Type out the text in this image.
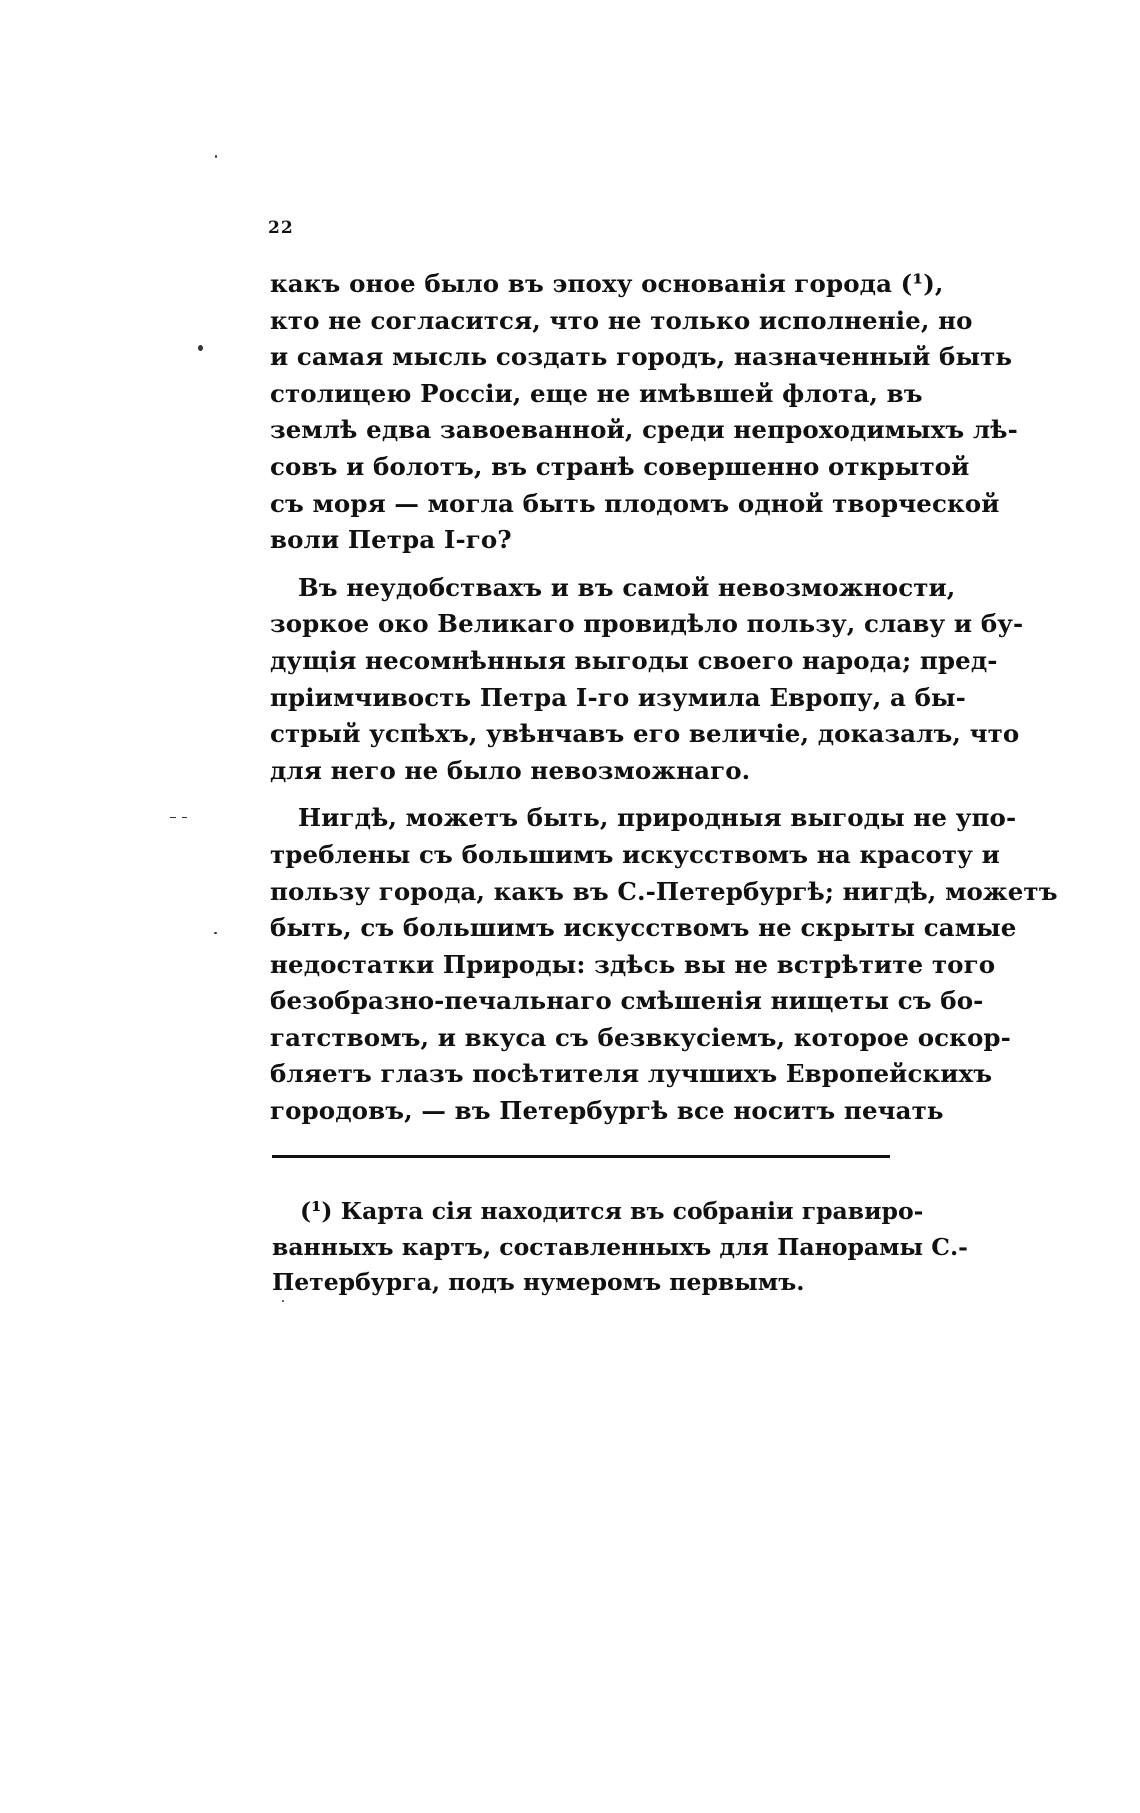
22
какъ оное было въ эпоху основанія города (¹),
кто не согласится, что не только исполненіе, но
и самая мысль создать городъ, назначенный быть
столицею Россіи, еще не имѣвшей флота, въ
землѣ едва завоеванной, среди непроходимыхъ лѣ-
совъ и болотъ, въ странѣ совершенно открытой
съ моря — могла быть плодомъ одной творческой
воли Петра I-го?
Въ неудобствахъ и въ самой невозможности,
зоркое око Великаго провидѣло пользу, славу и бу-
дущія несомнѣнныя выгоды своего народа; пред-
пріимчивость Петра I-го изумила Европу, а бы-
стрый успѣхъ, увѣнчавъ его величіе, доказалъ, что
для него не было невозможнаго.
Нигдѣ, можетъ быть, природныя выгоды не упо-
треблены съ большимъ искусствомъ на красоту и
пользу города, какъ въ С.-Петербургѣ; нигдѣ, можетъ
быть, съ большимъ искусствомъ не скрыты самые
недостатки Природы: здѣсь вы не встрѣтите того
безобразно-печальнаго смѣшенія нищеты съ бо-
гатствомъ, и вкуса съ безвкусіемъ, которое оскор-
бляетъ глазъ посѣтителя лучшихъ Европейскихъ
городовъ, — въ Петербургѣ все носитъ печать
(¹) Карта сія находится въ собраніи гравиро-
ванныхъ картъ, составленныхъ для Панорамы С.-
Петербурга, подъ нумеромъ первымъ.
